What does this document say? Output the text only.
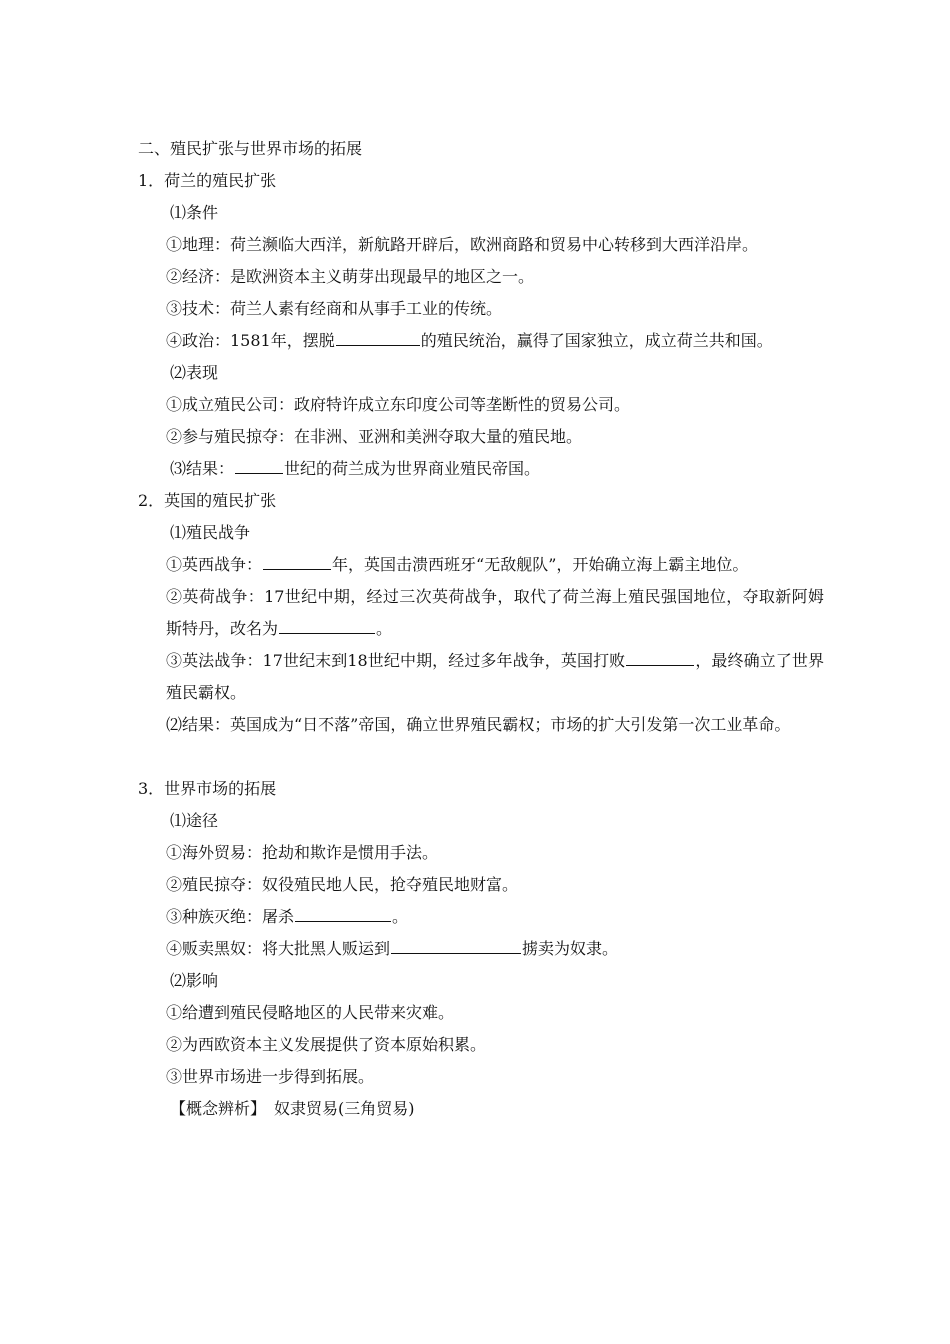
二、殖民扩张与世界市场的拓展
1．荷兰的殖民扩张
⑴条件
①地理：荷兰濒临大西洋，新航路开辟后，欧洲商路和贸易中心转移到大西洋沿岸。
②经济：是欧洲资本主义萌芽出现最早的地区之一。
③技术：荷兰人素有经商和从事手工业的传统。
④政治：1581年，摆脱	的殖民统治，赢得了国家独立，成立荷兰共和国。
⑵表现
①成立殖民公司：政府特许成立东印度公司等垄断性的贸易公司。
②参与殖民掠夺：在非洲、亚洲和美洲夺取大量的殖民地。
⑶结果：	世纪的荷兰成为世界商业殖民帝国。
2．英国的殖民扩张
⑴殖民战争
①英西战争：	年，英国击溃西班牙“无敌舰队”，开始确立海上霸主地位。
②英荷战争：17世纪中期，经过三次英荷战争，取代了荷兰海上殖民强国地位，夺取新阿姆斯特丹，改名为	。
③英法战争：17世纪末到18世纪中期，经过多年战争，英国打败	，最终确立了世界殖民霸权。
⑵结果：英国成为“日不落”帝国，确立世界殖民霸权；市场的扩大引发第一次工业革命。
3．世界市场的拓展
⑴途径
①海外贸易：抢劫和欺诈是惯用手法。
②殖民掠夺：奴役殖民地人民，抢夺殖民地财富。
③种族灭绝：屠杀	。
④贩卖黑奴：将大批黑人贩运到	掳卖为奴隶。
⑵影响
①给遭到殖民侵略地区的人民带来灾难。
②为西欧资本主义发展提供了资本原始积累。
③世界市场进一步得到拓展。
【概念辨析】 奴隶贸易(三角贸易)
